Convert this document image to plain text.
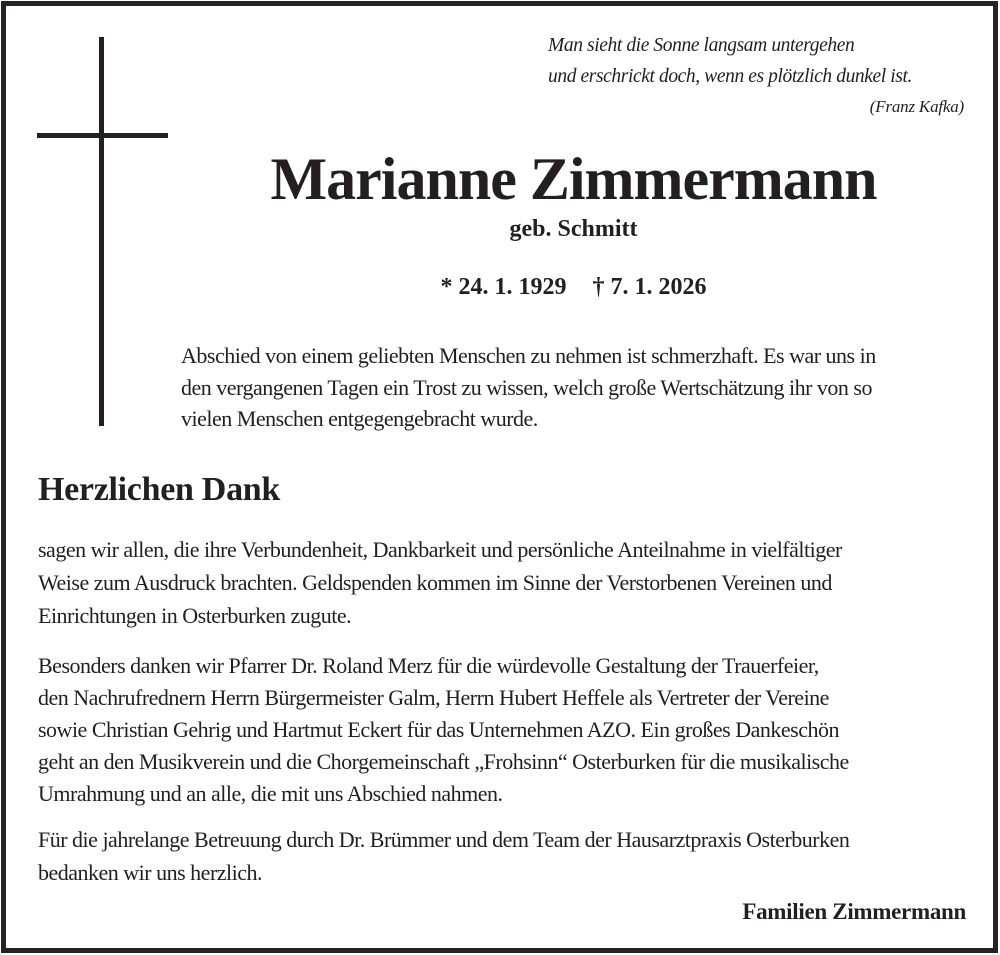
Man sieht die Sonne langsam untergehen
und erschrickt doch, wenn es plötzlich dunkel ist.
(Franz Kafka)
Marianne Zimmermann
geb. Schmitt
* 24. 1. 1929 † 7. 1. 2026
Abschied von einem geliebten Menschen zu nehmen ist schmerzhaft. Es war uns in
den vergangenen Tagen ein Trost zu wissen, welch große Wertschätzung ihr von so
vielen Menschen entgegengebracht wurde.
Herzlichen Dank
sagen wir allen, die ihre Verbundenheit, Dankbarkeit und persönliche Anteilnahme in vielfältiger
Weise zum Ausdruck brachten. Geldspenden kommen im Sinne der Verstorbenen Vereinen und
Einrichtungen in Osterburken zugute.
Besonders danken wir Pfarrer Dr. Roland Merz für die würdevolle Gestaltung der Trauerfeier,
den Nachrufrednern Herrn Bürgermeister Galm, Herrn Hubert Heffele als Vertreter der Vereine
sowie Christian Gehrig und Hartmut Eckert für das Unternehmen AZO. Ein großes Dankeschön
geht an den Musikverein und die Chorgemeinschaft „Frohsinn“ Osterburken für die musikalische
Umrahmung und an alle, die mit uns Abschied nahmen.
Für die jahrelange Betreuung durch Dr. Brümmer und dem Team der Hausarztpraxis Osterburken
bedanken wir uns herzlich.
Familien Zimmermann
